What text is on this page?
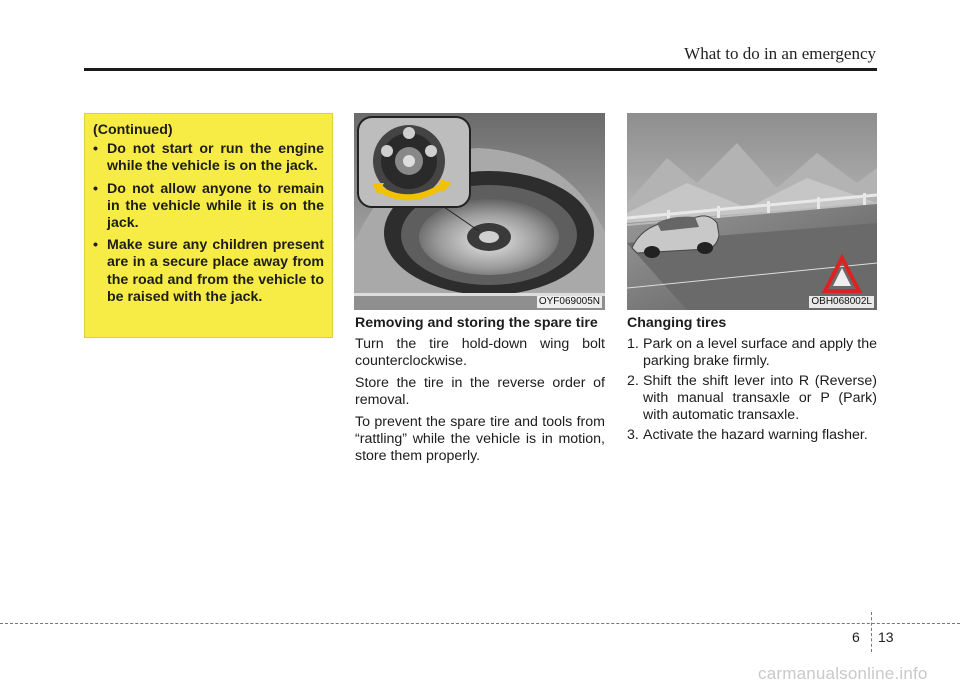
What to do in an emergency
(Continued)
• Do not start or run the engine while the vehicle is on the jack.
• Do not allow anyone to remain in the vehicle while it is on the jack.
• Make sure any children present are in a secure place away from the road and from the vehicle to be raised with the jack.	OYF069005N	OBH068002L
Removing and storing the spare tire

Turn the tire hold-down wing bolt counterclockwise.

Store the tire in the reverse order of removal.

To prevent the spare tire and tools from “rattling” while the vehicle is in motion, store them properly.

Changing tires
1. Park on a level surface and apply the parking brake firmly.
2. Shift the shift lever into R (Reverse) with manual transaxle or P (Park) with automatic transaxle.
3. Activate the hazard warning flasher.
6 13
carmanualsonline.info
